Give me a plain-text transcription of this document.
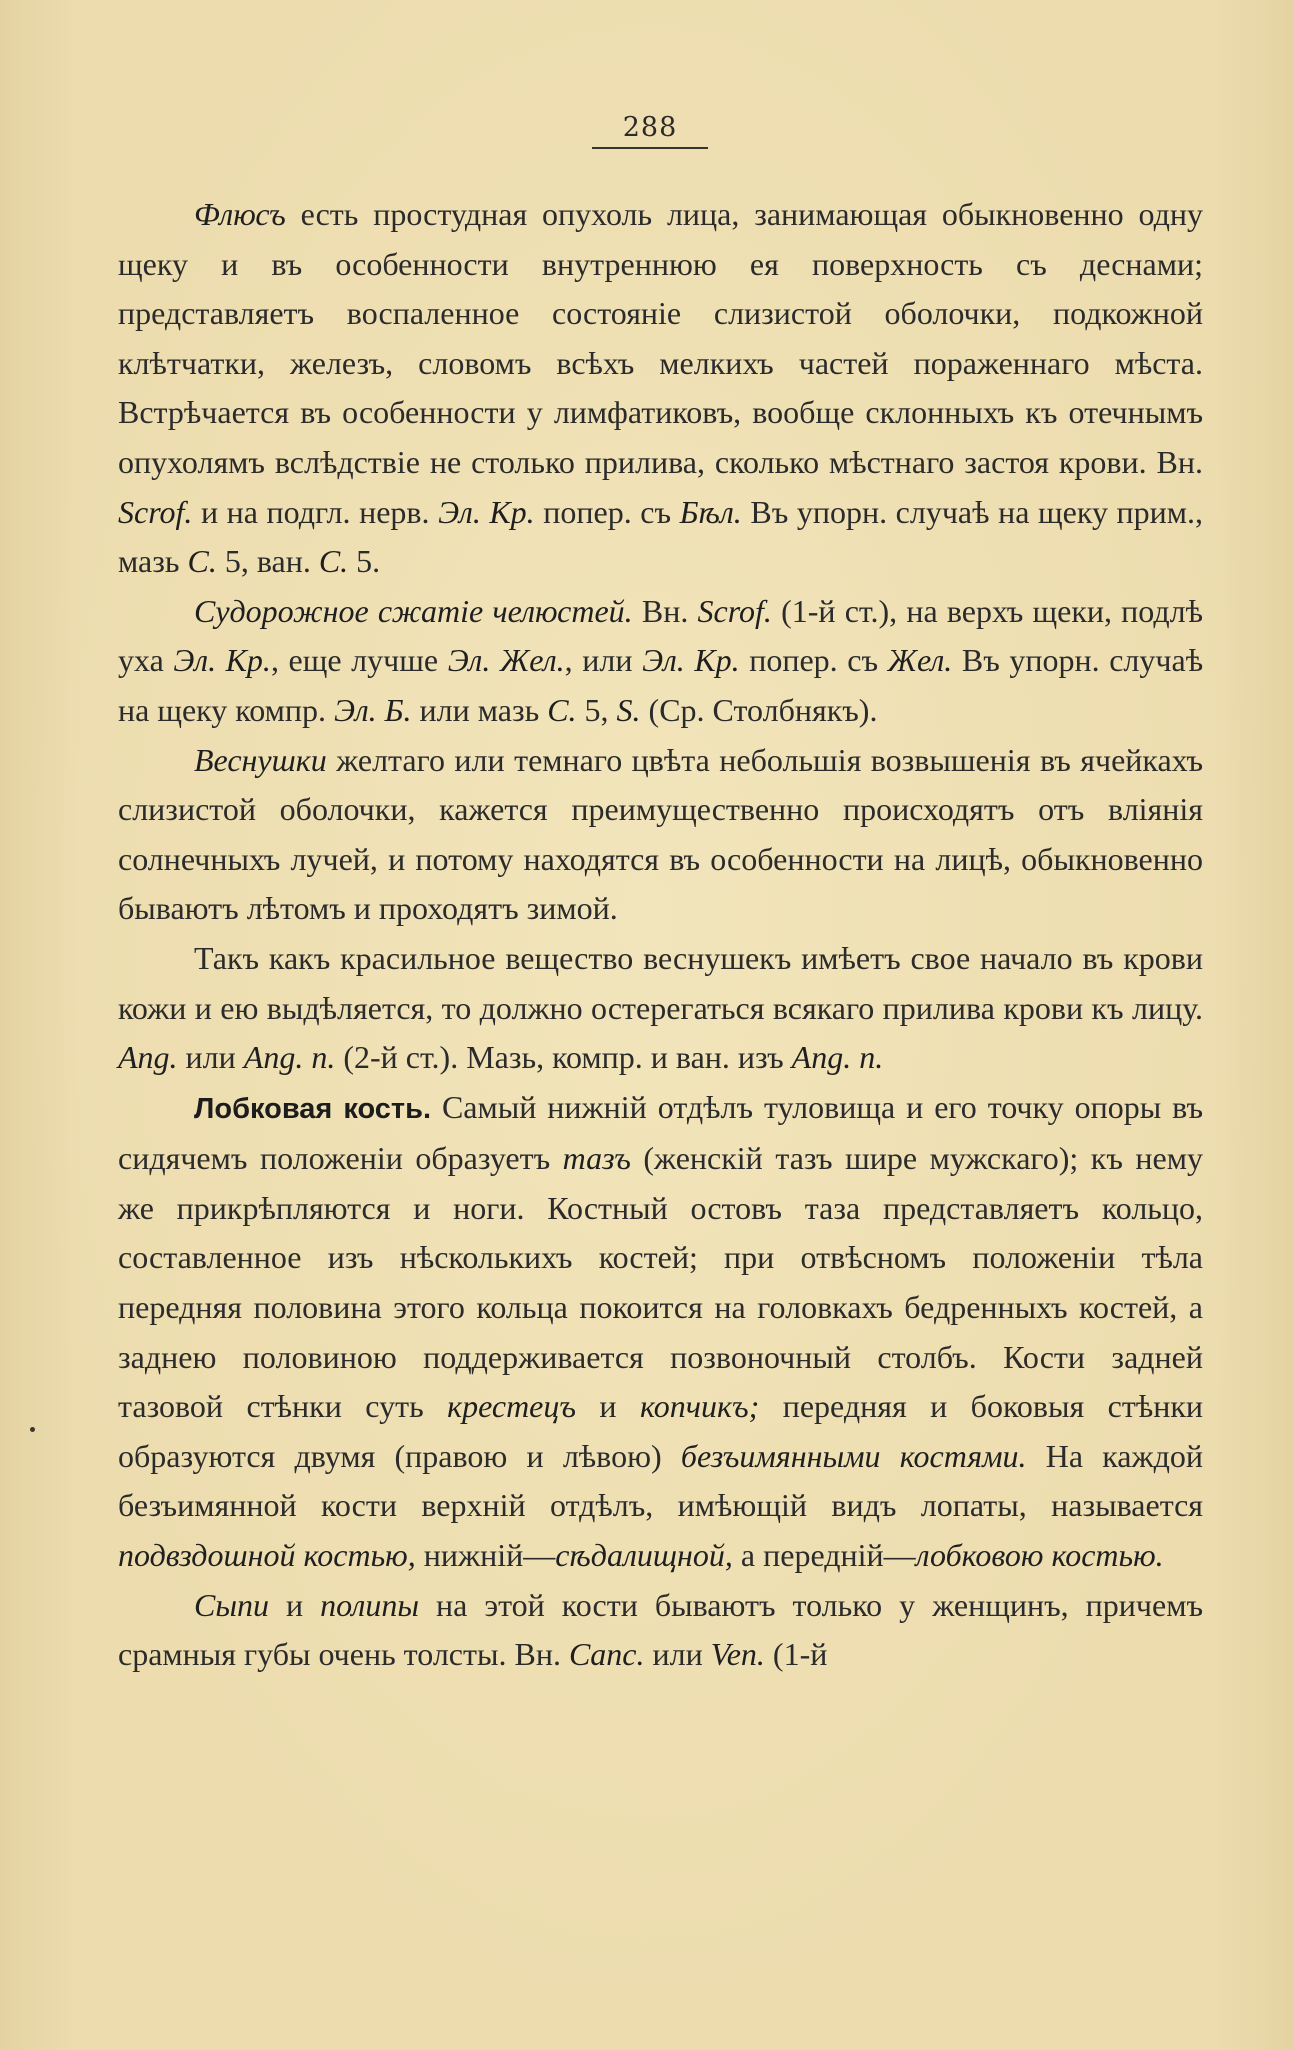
288

Флюсъ есть простудная опухоль лица, занимающая обыкновенно одну щеку и въ особенности внутреннюю ея поверхность съ деснами; представляетъ воспаленное состояніе слизистой оболочки, подкожной клѣтчатки, железъ, словомъ всѣхъ мелкихъ частей пораженнаго мѣста. Встрѣчается въ особенности у лимфатиковъ, вообще склонныхъ къ отечнымъ опухолямъ вслѣдствіе не столько прилива, сколько мѣстнаго застоя крови. Вн. Scrof. и на подгл. нерв. Эл. Кр. попер. съ Бѣл. Въ упорн. случаѣ на щеку прим., мазь С. 5, ван. С. 5.

Судорожное сжатіе челюстей. Вн. Scrof. (1-й ст.), на верхъ щеки, подлѣ уха Эл. Кр., еще лучше Эл. Жел., или Эл. Кр. попер. съ Жел. Въ упорн. случаѣ на щеку компр. Эл. Б. или мазь С. 5, S. (Ср. Столбнякъ).

Веснушки желтаго или темнаго цвѣта небольшія возвышенія въ ячейкахъ слизистой оболочки, кажется преимущественно происходятъ отъ вліянія солнечныхъ лучей, и потому находятся въ особенности на лицѣ, обыкновенно бываютъ лѣтомъ и проходятъ зимой.

Такъ какъ красильное вещество веснушекъ имѣетъ свое начало въ крови кожи и ею выдѣляется, то должно остерегаться всякаго прилива крови къ лицу. Ang. или Ang. n. (2-й ст.). Мазь, компр. и ван. изъ Ang. n.

Лобковая кость. Самый нижній отдѣлъ туловища и его точку опоры въ сидячемъ положеніи образуетъ тазъ (женскій тазъ шире мужскаго); къ нему же прикрѣпляются и ноги. Костный остовъ таза представляетъ кольцо, составленное изъ нѣсколькихъ костей; при отвѣсномъ положеніи тѣла передняя половина этого кольца покоится на головкахъ бедренныхъ костей, а заднею половиною поддерживается позвоночный столбъ. Кости задней тазовой стѣнки суть крестецъ и копчикъ; передняя и боковыя стѣнки образуются двумя (правою и лѣвою) безъимянными костями. На каждой безъимянной кости верхній отдѣлъ, имѣющій видъ лопаты, называется подвздошной костью, нижній—сѣдалищной, а передній—лобковою костью.

Сыпи и полипы на этой кости бываютъ только у женщинъ, причемъ срамныя губы очень толсты. Вн. Canc. или Ven. (1-й
